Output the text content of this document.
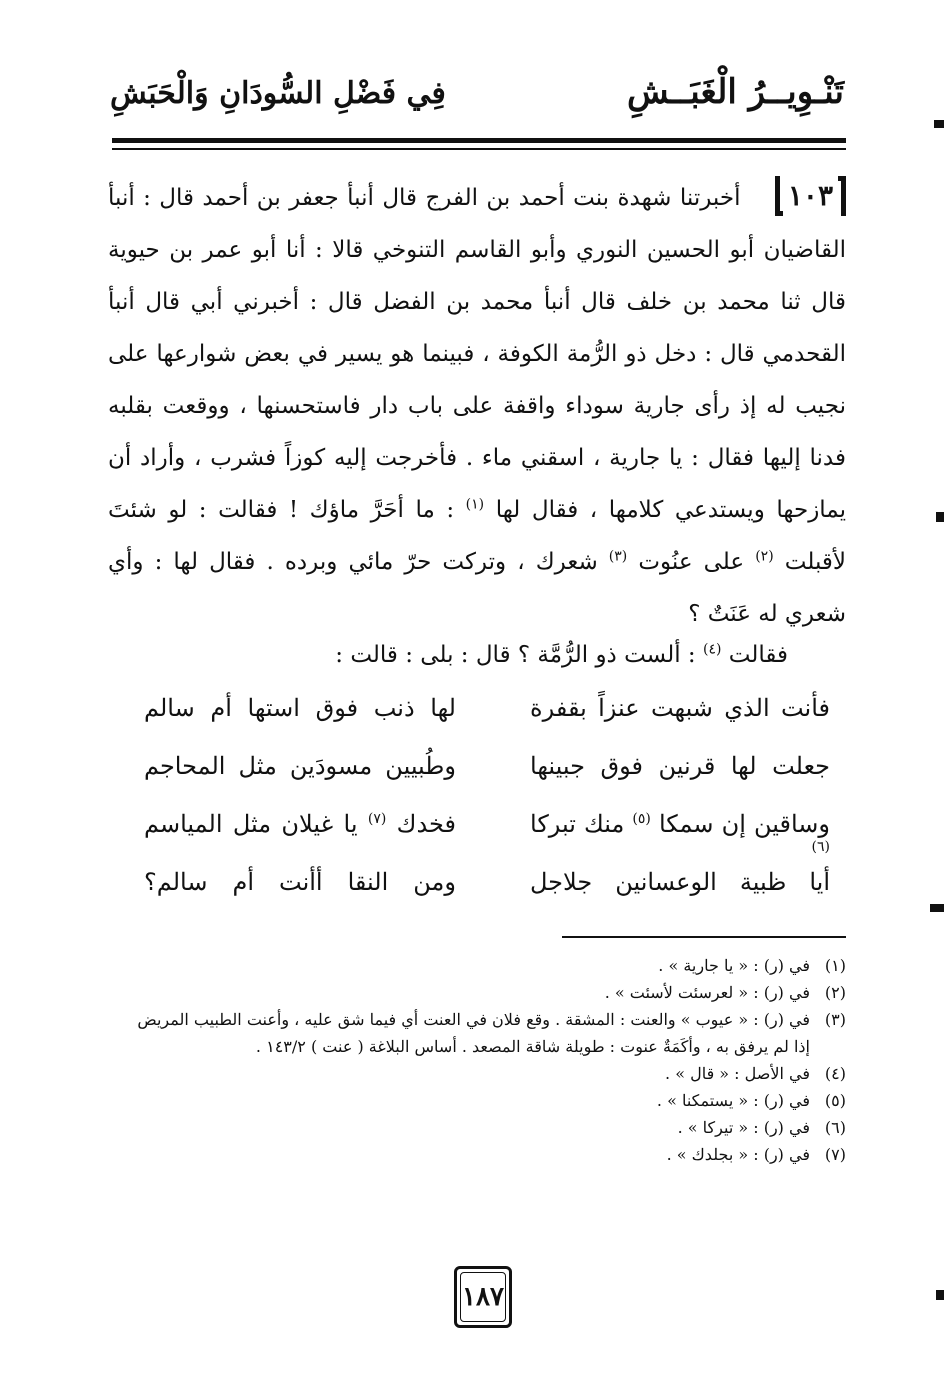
تَنْـوِيــرُ الْغَبَــشِ
فِي فَضْلِ السُّودَانِ وَالْحَبَشِ

١٠٣ أخبرتنا شهدة بنت أحمد بن الفرج قال أنبأ جعفر بن أحمد قال : أنبأ القاضيان أبو الحسين النوري وأبو القاسم التنوخي قالا : أنا أبو عمر بن حيوية قال ثنا محمد بن خلف قال أنبأ محمد بن الفضل قال : أخبرني أبي قال أنبأ القحدمي قال : دخل ذو الرُّمة الكوفة ، فبينما هو يسير في بعض شوارعها على نجيب له إذ رأى جارية سوداء واقفة على باب دار فاستحسنها ، ووقعت بقلبه فدنا إليها فقال : يا جارية ، اسقني ماء . فأخرجت إليه كوزاً فشرب ، وأراد أن يمازحها ويستدعي كلامها ، فقال لها $^{(١)}$ : ما أحَرَّ ماؤك ! فقالت : لو شئتَ لأقبلت $^{(٢)}$ على عنُوت $^{(٣)}$ شعرك ، وتركت حرّ مائي وبرده . فقال لها : وأي شعري له عَنَتٌ ؟

فقالت $^{(٤)}$ : ألست ذو الرُّمَّة ؟ قال : بلى : قالت :
فأنت الذي شبهت عنزاً بقفرة
لها ذنب فوق استها أم سالم
جعلت لها قرنين فوق جبينها
وطُبيين مسودَين مثل المحاجم
وساقين إن سمكا $^{(٥)}$ منك تبركا $^{(٦)}$
فخدك $^{(٧)}$ يا غيلان مثل المياسم
أيا ظبية الوعسانين جلاجل
ومن النقا أأنت أم سالم؟
(١)
في (ر) : « يا جارية » .
(٢)
في (ر) : « لعرسئت لأسئت » .
(٣)
في (ر) : « عيوب » والعنت : المشقة . وقع فلان في العنت أي فيما شق عليه ، وأعنت الطبيب المريض إذا لم يرفق به ، وأكَمَةٌ عنوت : طويلة شاقة المصعد . أساس البلاغة ( عنت ) ١٤٣/٢ .
(٤)
في الأصل : « قال » .
(٥)
في (ر) : « يستمكنا » .
(٦)
في (ر) : « تيركا » .
(٧)
في (ر) : « بجلدك » .
١٨٧
